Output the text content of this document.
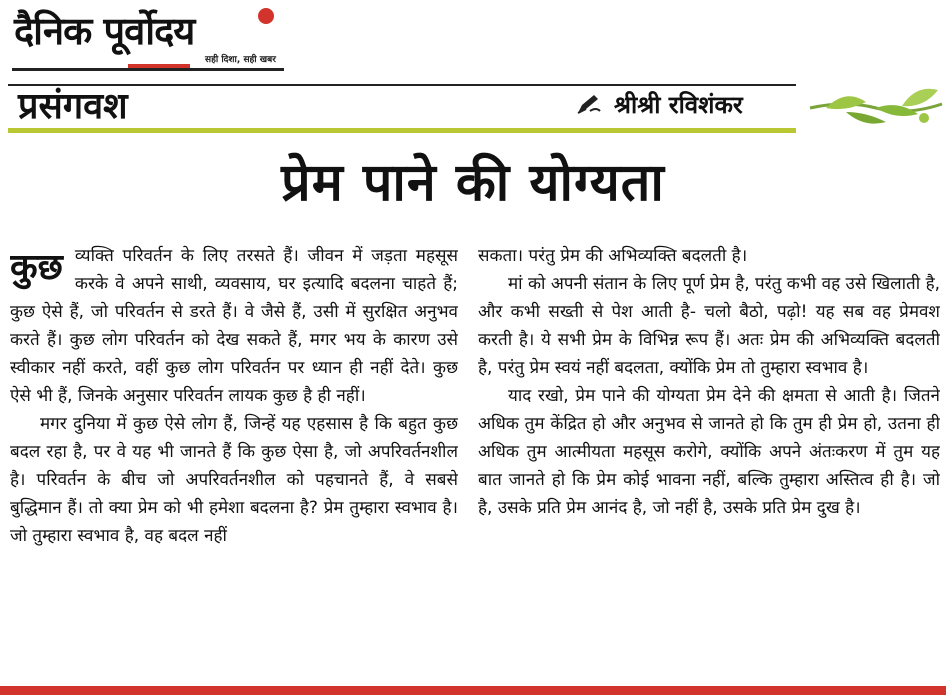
दैनिक पूर्वोदय
सही दिशा, सही खबर
प्रसंगवश	श्रीश्री रविशंकर
प्रेम पाने की योग्यता

कुछ व्यक्ति परिवर्तन के लिए तरसते हैं। जीवन में जड़ता महसूस करके वे अपने साथी, व्यवसाय, घर इत्यादि बदलना चाहते हैं; कुछ ऐसे हैं, जो परिवर्तन से डरते हैं। वे जैसे हैं, उसी में सुरक्षित अनुभव करते हैं। कुछ लोग परिवर्तन को देख सकते हैं, मगर भय के कारण उसे स्वीकार नहीं करते, वहीं कुछ लोग परिवर्तन पर ध्यान ही नहीं देते। कुछ ऐसे भी हैं, जिनके अनुसार परिवर्तन लायक कुछ है ही नहीं।

मगर दुनिया में कुछ ऐसे लोग हैं, जिन्हें यह एहसास है कि बहुत कुछ बदल रहा है, पर वे यह भी जानते हैं कि कुछ ऐसा है, जो अपरिवर्तनशील है। परिवर्तन के बीच जो अपरिवर्तनशील को पहचानते हैं, वे सबसे बुद्धिमान हैं। तो क्या प्रेम को भी हमेशा बदलना है? प्रेम तुम्हारा स्वभाव है। जो तुम्हारा स्वभाव है, वह बदल नहीं

सकता। परंतु प्रेम की अभिव्यक्ति बदलती है।

मां को अपनी संतान के लिए पूर्ण प्रेम है, परंतु कभी वह उसे खिलाती है, और कभी सख्ती से पेश आती है- चलो बैठो, पढ़ो! यह सब वह प्रेमवश करती है। ये सभी प्रेम के विभिन्न रूप हैं। अतः प्रेम की अभिव्यक्ति बदलती है, परंतु प्रेम स्वयं नहीं बदलता, क्योंकि प्रेम तो तुम्हारा स्वभाव है।

याद रखो, प्रेम पाने की योग्यता प्रेम देने की क्षमता से आती है। जितने अधिक तुम केंद्रित हो और अनुभव से जानते हो कि तुम ही प्रेम हो, उतना ही अधिक तुम आत्मीयता महसूस करोगे, क्योंकि अपने अंतःकरण में तुम यह बात जानते हो कि प्रेम कोई भावना नहीं, बल्कि तुम्हारा अस्तित्व ही है। जो है, उसके प्रति प्रेम आनंद है, जो नहीं है, उसके प्रति प्रेम दुख है।
